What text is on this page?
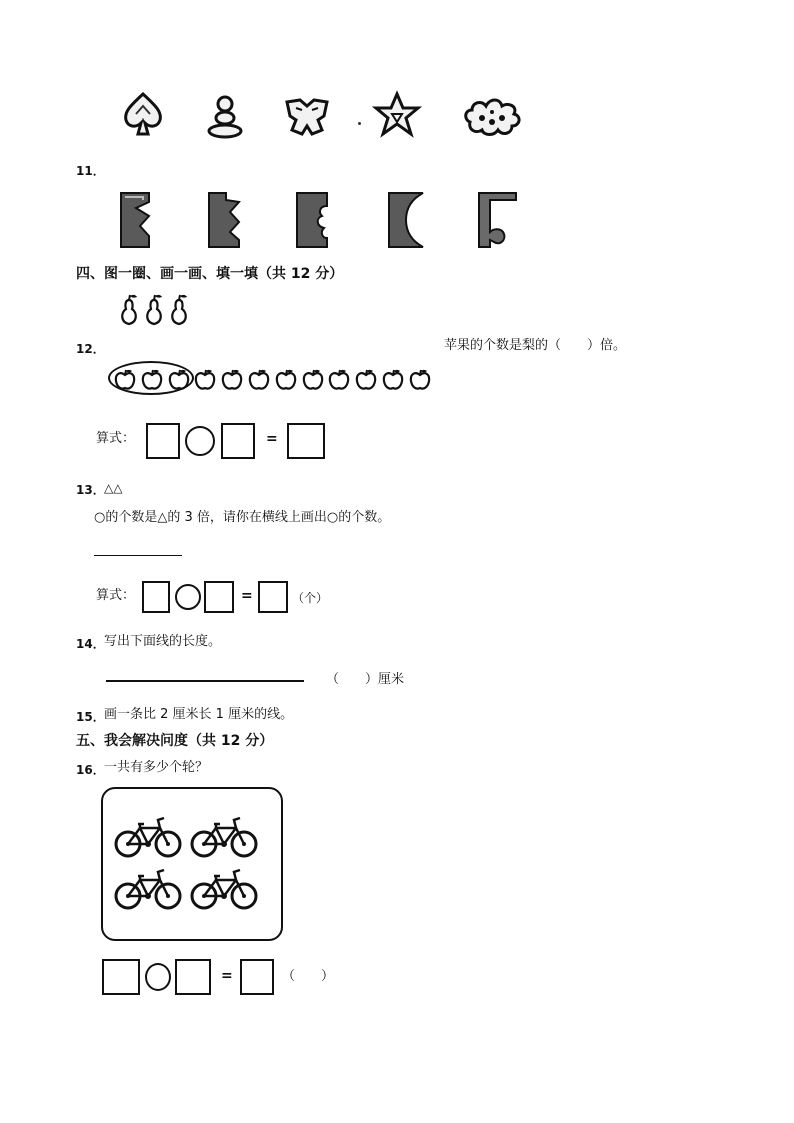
11．
四、图一圈、画一画、填一填（共 12 分）
12．	苹果的个数是梨的（　　）倍。
算式：	=
13． △△
○的个数是△的 3 倍，请你在横线上画出○的个数。
算式：	=	（个）
14． 写出下面线的长度。
（　　）厘米
15． 画一条比 2 厘米长 1 厘米的线。
五、我会解决问度（共 12 分）
16． 一共有多少个轮？
=	（　　）
